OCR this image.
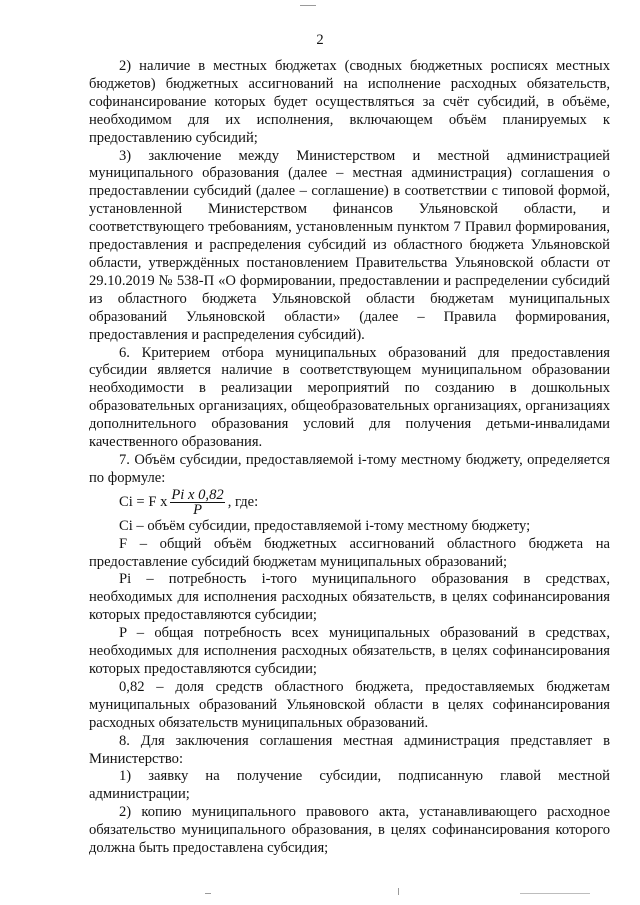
2

2) наличие в местных бюджетах (сводных бюджетных росписях местных бюджетов) бюджетных ассигнований на исполнение расходных обязательств, софинансирование которых будет осуществляться за счёт субсидий, в объёме, необходимом для их исполнения, включающем объём планируемых к предоставлению субсидий;

3) заключение между Министерством и местной администрацией муниципального образования (далее – местная администрация) соглашения о предоставлении субсидий (далее – соглашение) в соответствии с типовой формой, установленной Министерством финансов Ульяновской области, и соответствующего требованиям, установленным пунктом 7 Правил формирования, предоставления и распределения субсидий из областного бюджета Ульяновской области, утверждённых постановлением Правительства Ульяновской области от 29.10.2019 № 538-П «О формировании, предоставлении и распределении субсидий из областного бюджета Ульяновской области бюджетам муниципальных образований Ульяновской области» (далее – Правила формирования, предоставления и распределения субсидий).

6. Критерием отбора муниципальных образований для предоставления субсидии является наличие в соответствующем муниципальном образовании необходимости в реализации мероприятий по созданию в дошкольных образовательных организациях, общеобразовательных организациях, организациях дополнительного образования условий для получения детьми-инвалидами качественного образования.

7. Объём субсидии, предоставляемой i-тому местному бюджету, определяется по формуле:

Ci = F x $\frac{\text{Pi x 0,82}}{P}$ , где:

Ci – объём субсидии, предоставляемой i-тому местному бюджету;

F – общий объём бюджетных ассигнований областного бюджета на предоставление субсидий бюджетам муниципальных образований;

Pi – потребность i-того муниципального образования в средствах, необходимых для исполнения расходных обязательств, в целях софинансирования которых предоставляются субсидии;

P – общая потребность всех муниципальных образований в средствах, необходимых для исполнения расходных обязательств, в целях софинансирования которых предоставляются субсидии;

0,82 – доля средств областного бюджета, предоставляемых бюджетам муниципальных образований Ульяновской области в целях софинансирования расходных обязательств муниципальных образований.

8. Для заключения соглашения местная администрация представляет в Министерство:

1) заявку на получение субсидии, подписанную главой местной администрации;

2) копию муниципального правового акта, устанавливающего расходное обязательство муниципального образования, в целях софинансирования которого должна быть предоставлена субсидия;
